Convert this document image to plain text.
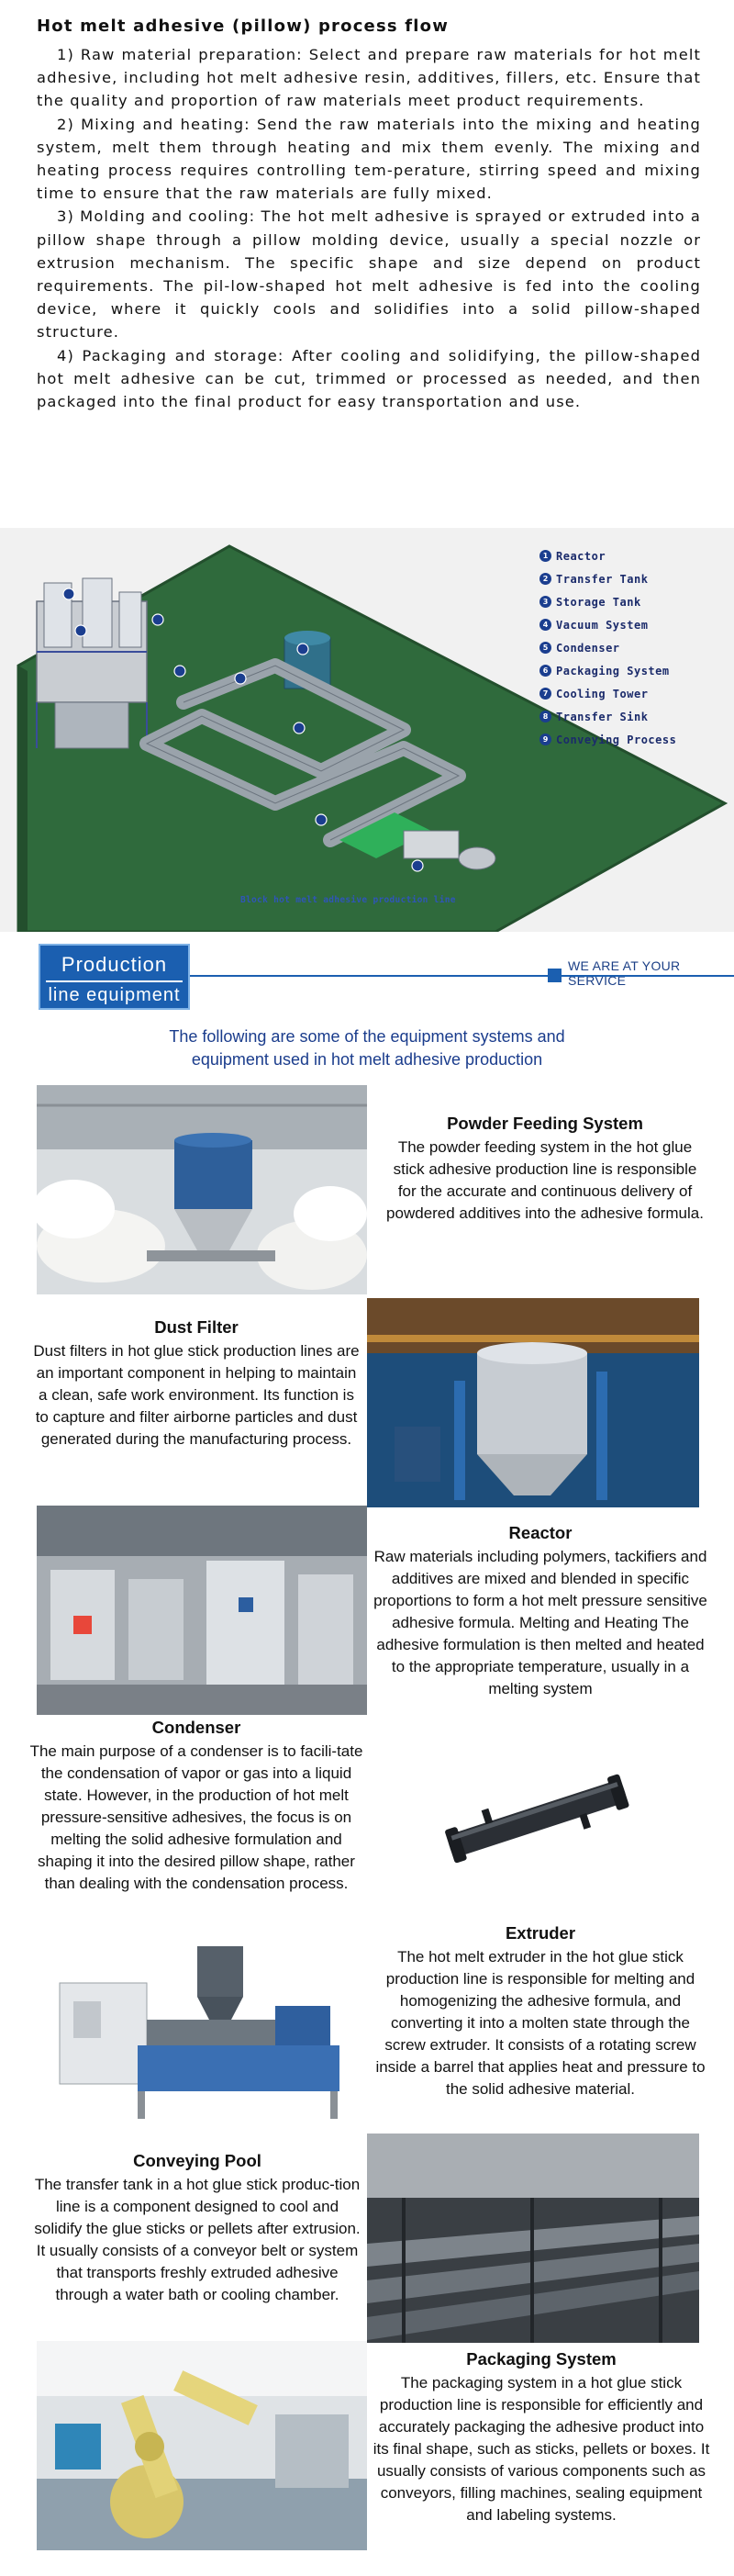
Hot melt adhesive (pillow) process flow

1) Raw material preparation: Select and prepare raw materials for hot melt adhesive, including hot melt adhesive resin, additives, fillers, etc. Ensure that the quality and proportion of raw materials meet product requirements.

2) Mixing and heating: Send the raw materials into the mixing and heating system, melt them through heating and mix them evenly. The mixing and heating process requires controlling tem-perature, stirring speed and mixing time to ensure that the raw materials are fully mixed.

3) Molding and cooling: The hot melt adhesive is sprayed or extruded into a pillow shape through a pillow molding device, usually a special nozzle or extrusion mechanism. The specific shape and size depend on product requirements. The pil-low-shaped hot melt adhesive is fed into the cooling device, where it quickly cools and solidifies into a solid pillow-shaped structure.

4) Packaging and storage: After cooling and solidifying, the pillow-shaped hot melt adhesive can be cut, trimmed or processed as needed, and then packaged into the final product for easy transportation and use.

1 Reactor
2 Transfer Tank
3 Storage Tank
4 Vacuum System
5 Condenser
6 Packaging System
7 Cooling Tower
8 Transfer Sink
9 Conveying Process
Block hot melt adhesive production line
Production
line equipment
WE ARE AT YOUR SERVICE
The following are some of the equipment systems and
equipment used in hot melt adhesive production
Powder Feeding System
The powder feeding system in the hot glue stick adhesive production line is responsible for the accurate and continuous delivery of powdered additives into the adhesive formula.
Dust Filter
Dust filters in hot glue stick production lines are an important component in helping to maintain a clean, safe work environment. Its function is to capture and filter airborne particles and dust generated during the manufacturing process.
Reactor
Raw materials including polymers, tackifiers and additives are mixed and blended in specific proportions to form a hot melt pressure sensitive adhesive formula. Melting and Heating The adhesive formulation is then melted and heated to the appropriate temperature, usually in a melting system
Condenser
The main purpose of a condenser is to facili-tate the condensation of vapor or gas into a liquid state. However, in the production of hot melt pressure-sensitive adhesives, the focus is on melting the solid adhesive formulation and shaping it into the desired pillow shape, rather than dealing with the condensation process.
Extruder
The hot melt extruder in the hot glue stick production line is responsible for melting and homogenizing the adhesive formula, and converting it into a molten state through the screw extruder. It consists of a rotating screw inside a barrel that applies heat and pressure to the solid adhesive material.
Conveying Pool
The transfer tank in a hot glue stick produc-tion line is a component designed to cool and solidify the glue sticks or pellets after extrusion. It usually consists of a conveyor belt or system that transports freshly extruded adhesive through a water bath or cooling chamber.
Packaging System
The packaging system in a hot glue stick production line is responsible for efficiently and accurately packaging the adhesive product into its final shape, such as sticks, pellets or boxes. It usually consists of various components such as conveyors, filling machines, sealing equipment and labeling systems.
